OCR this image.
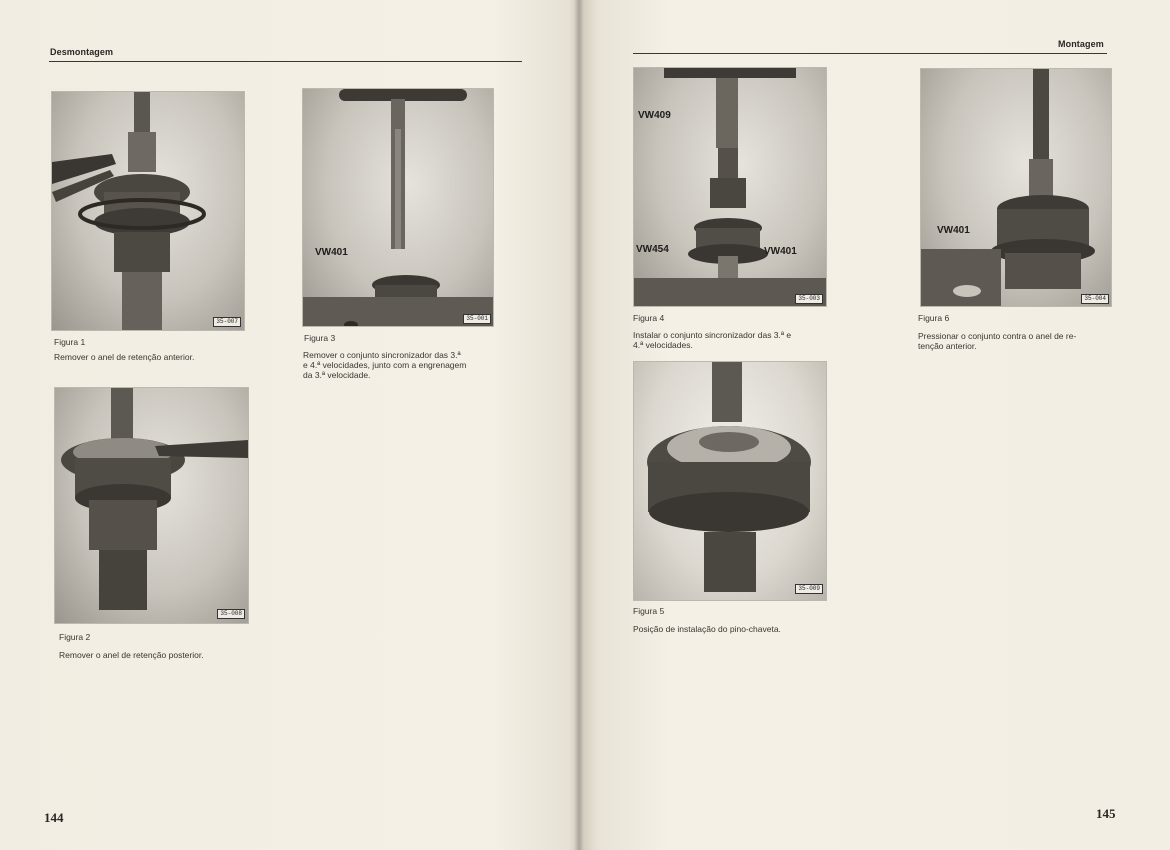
Desmontagem
35-007
Figura 1
Remover o anel de retenção anterior.
35-008
Figura 2
Remover o anel de retenção posterior.
VW401
35-001
Figura 3
Remover o conjunto sincronizador das 3.ª
e 4.ª velocidades, junto com a engrenagem
da 3.ª velocidade.
144
Montagem
VW409
VW454	VW401
35-003
Figura 4
Instalar o conjunto sincronizador das 3.ª e
4.ª velocidades.
35-009
Figura 5
Posição de instalação do pino-chaveta.
VW401
35-004
Figura 6
Pressionar o conjunto contra o anel de re-
tenção anterior.
145
